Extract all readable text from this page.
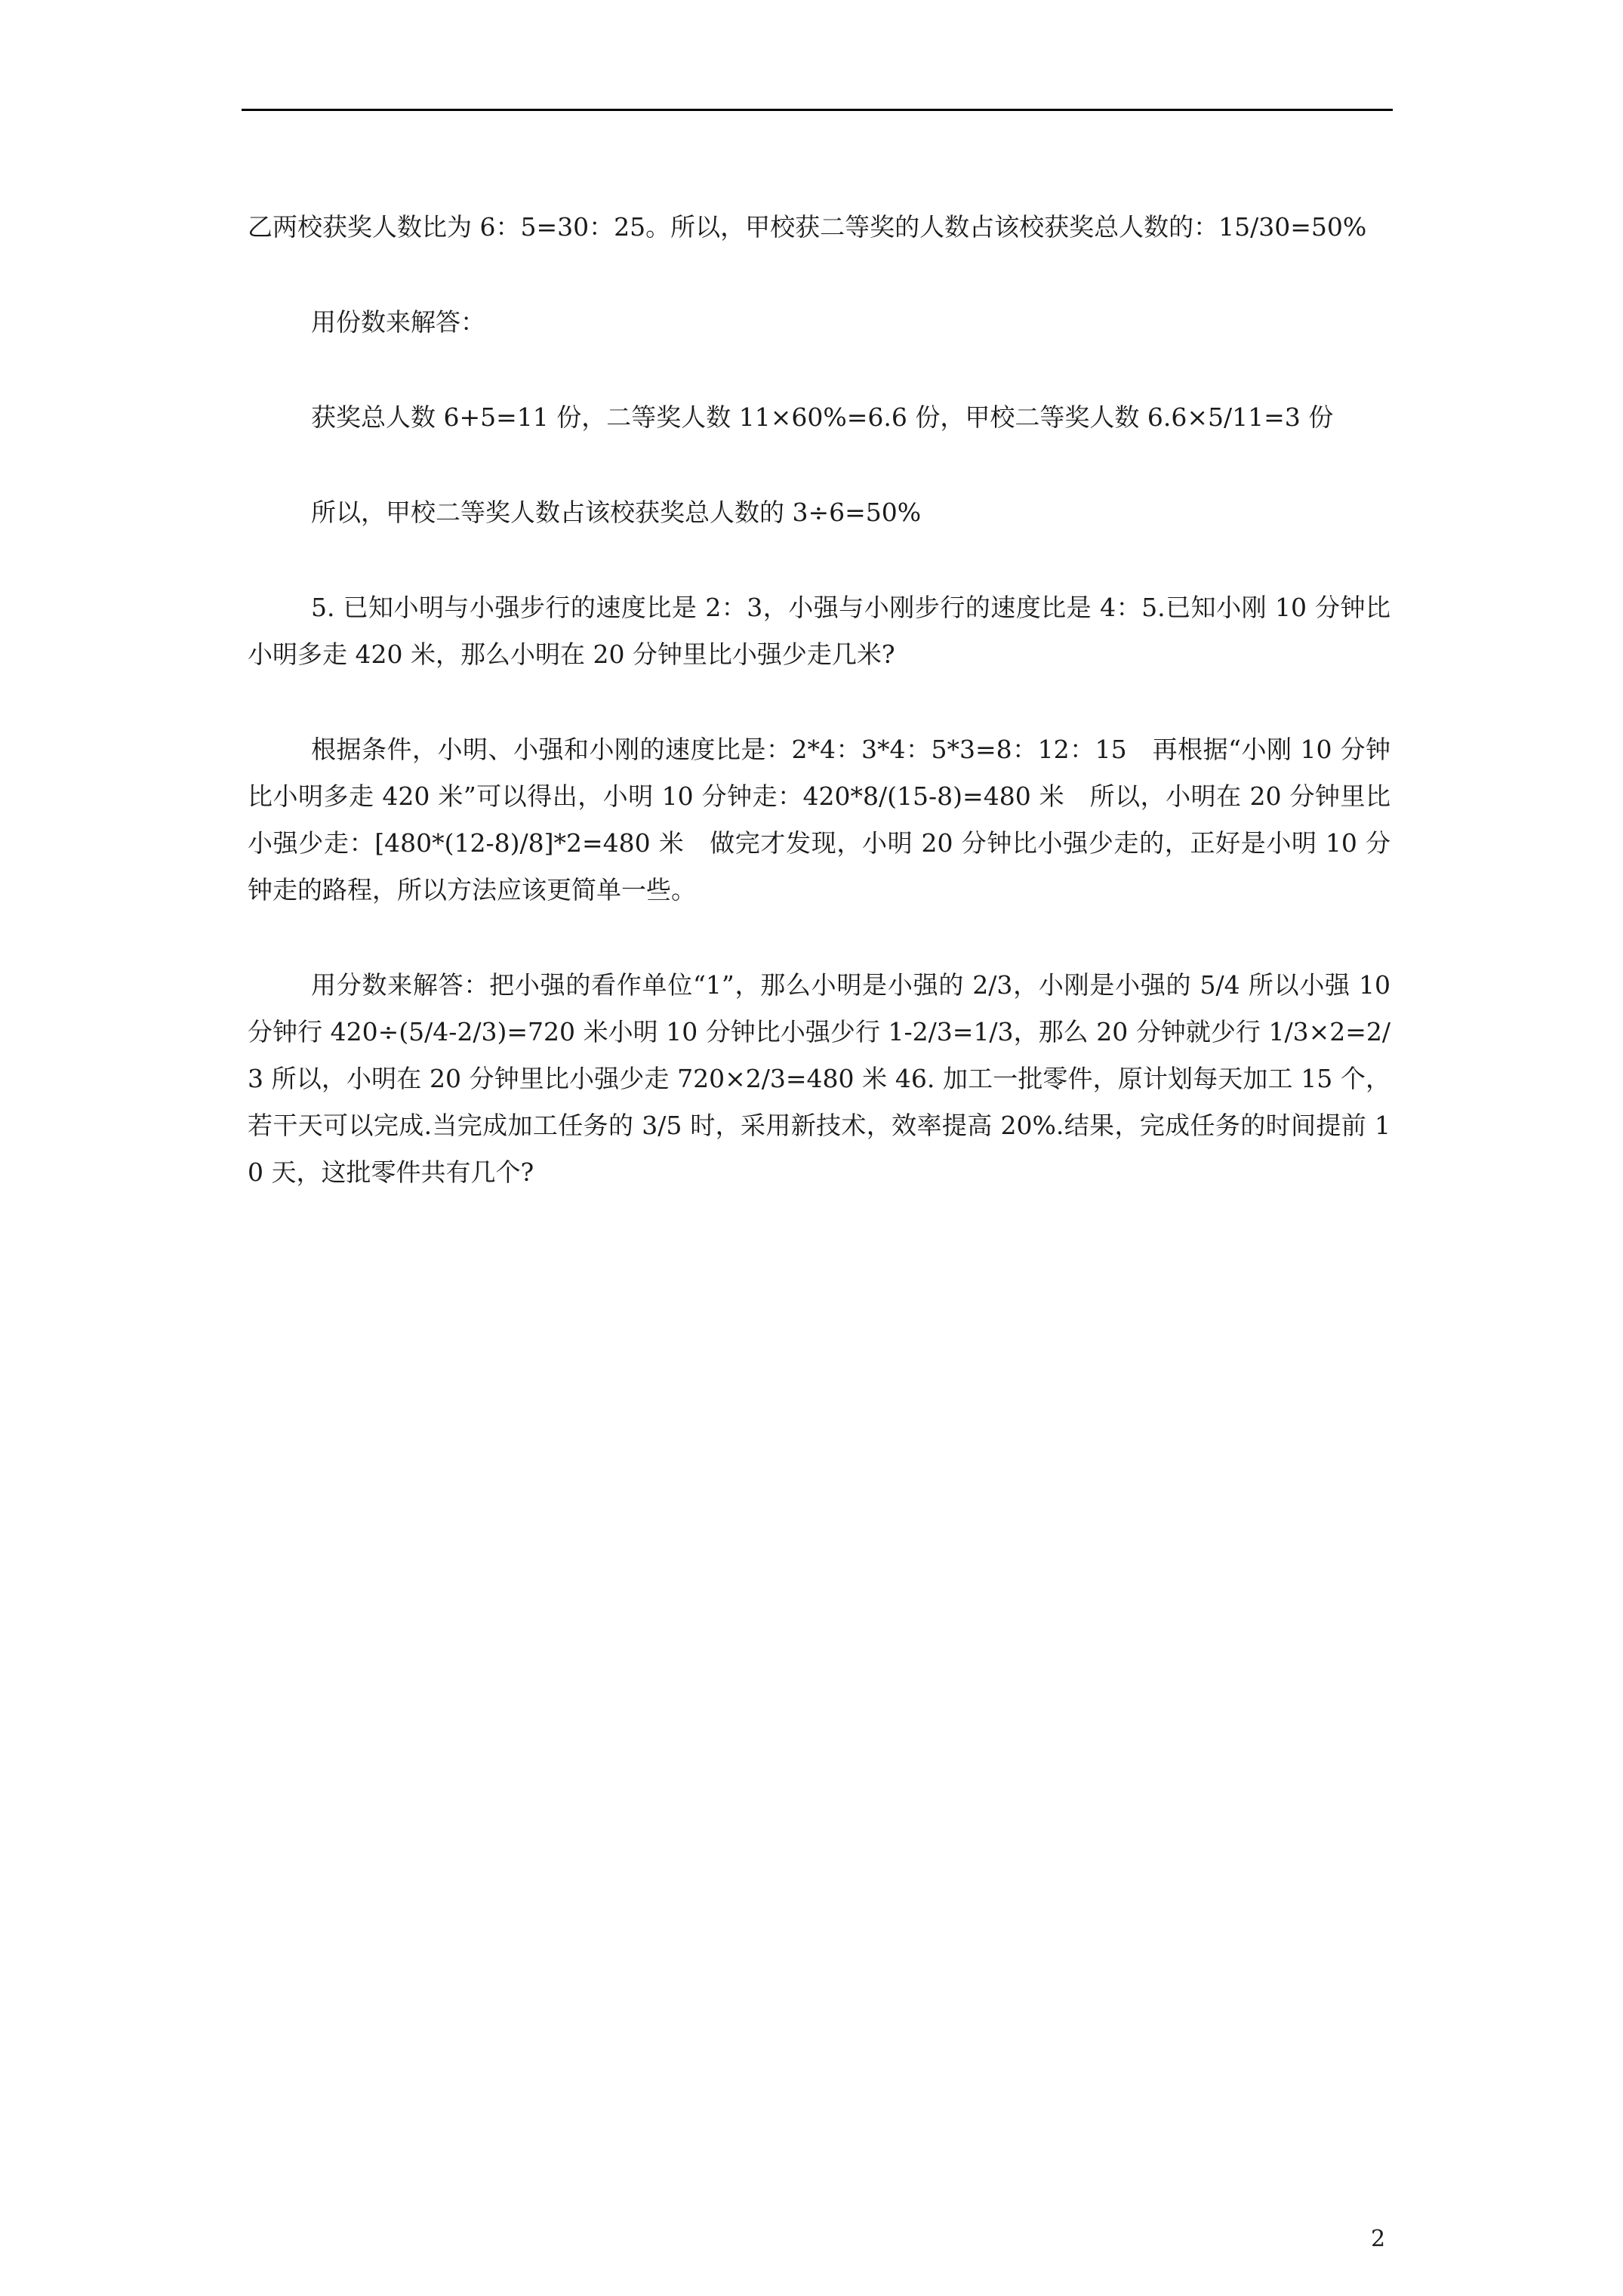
乙两校获奖人数比为 6：5=30：25。所以，甲校获二等奖的人数占该校获奖总人数的：15/30=50%

用份数来解答：

获奖总人数 6+5=11 份，二等奖人数 11×60%=6.6 份，甲校二等奖人数 6.6×5/11=3 份

所以，甲校二等奖人数占该校获奖总人数的 3÷6=50%

5. 已知小明与小强步行的速度比是 2：3，小强与小刚步行的速度比是 4：5.已知小刚 10 分钟比小明多走 420 米，那么小明在 20 分钟里比小强少走几米?

根据条件，小明、小强和小刚的速度比是：2*4：3*4：5*3=8：12：15　再根据“小刚 10 分钟比小明多走 420 米”可以得出，小明 10 分钟走：420*8/(15-8)=480 米　所以，小明在 20 分钟里比小强少走：[480*(12-8)/8]*2=480 米　做完才发现，小明 20 分钟比小强少走的，正好是小明 10 分钟走的路程，所以方法应该更简单一些。

用分数来解答：把小强的看作单位“1”，那么小明是小强的 2/3，小刚是小强的 5/4 所以小强 10 分钟行 420÷(5/4-2/3)=720 米小明 10 分钟比小强少行 1-2/3=1/3，那么 20 分钟就少行 1/3×2=2/3 所以，小明在 20 分钟里比小强少走 720×2/3=480 米 46. 加工一批零件，原计划每天加工 15 个，若干天可以完成.当完成加工任务的 3/5 时，采用新技术，效率提高 20%.结果，完成任务的时间提前 10 天，这批零件共有几个?

2
